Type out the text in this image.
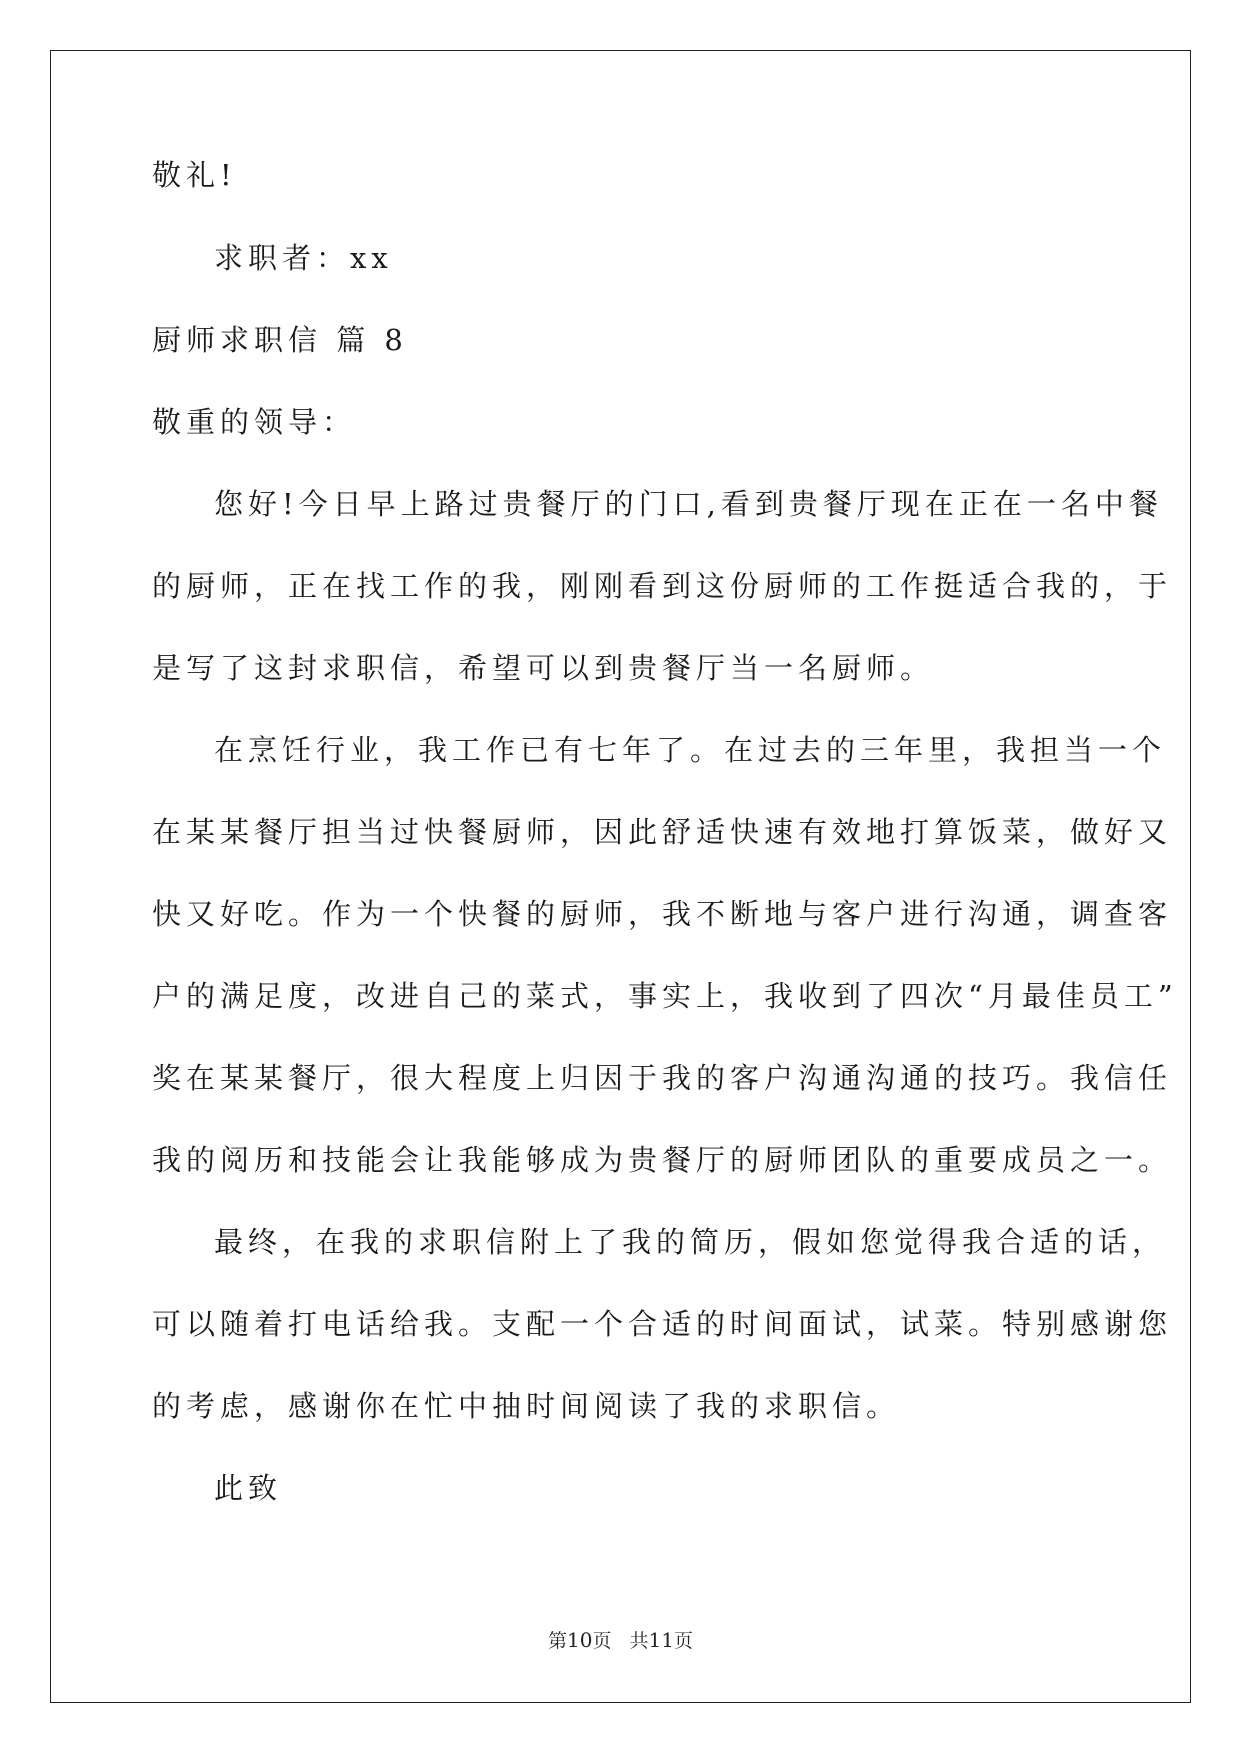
敬礼!
求职者：xx
厨师求职信 篇 8
敬重的领导：
您好!今日早上路过贵餐厅的门口,看到贵餐厅现在正在一名中餐
的厨师，正在找工作的我，刚刚看到这份厨师的工作挺适合我的，于
是写了这封求职信，希望可以到贵餐厅当一名厨师。
在烹饪行业，我工作已有七年了。在过去的三年里，我担当一个
在某某餐厅担当过快餐厨师，因此舒适快速有效地打算饭菜，做好又
快又好吃。作为一个快餐的厨师，我不断地与客户进行沟通，调查客
户的满足度，改进自己的菜式，事实上，我收到了四次“月最佳员工”
奖在某某餐厅，很大程度上归因于我的客户沟通沟通的技巧。我信任
我的阅历和技能会让我能够成为贵餐厅的厨师团队的重要成员之一。
最终，在我的求职信附上了我的简历，假如您觉得我合适的话，
可以随着打电话给我。支配一个合适的时间面试，试菜。特别感谢您
的考虑，感谢你在忙中抽时间阅读了我的求职信。
此致
第10页 共11页
